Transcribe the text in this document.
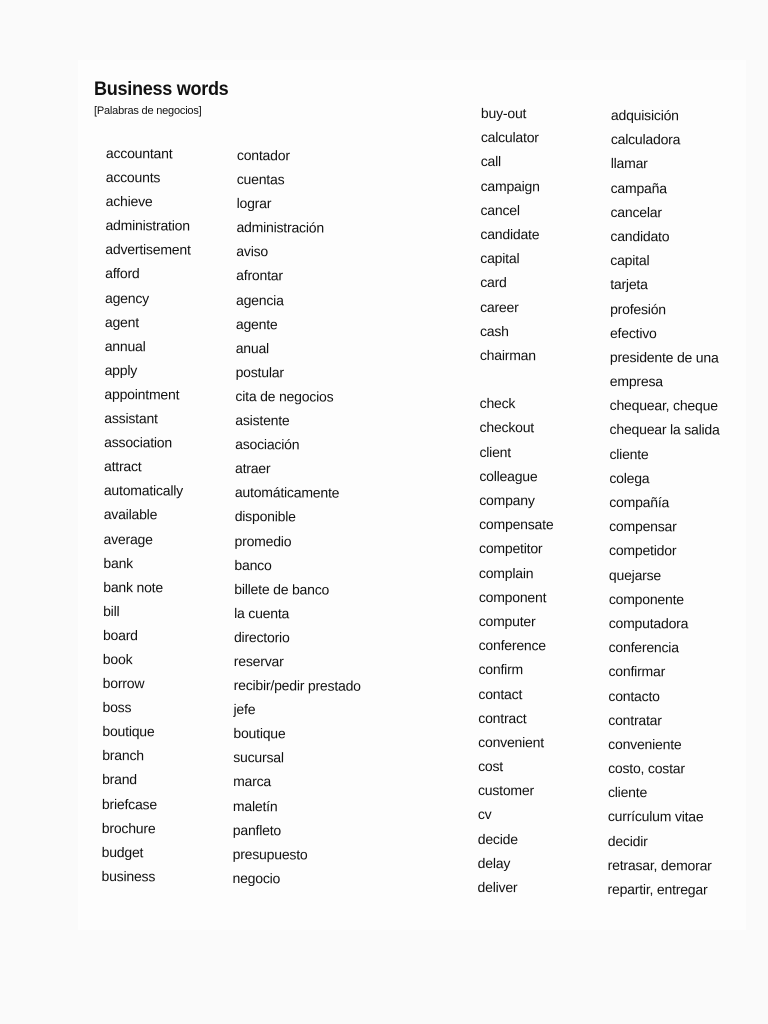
Business words
[Palabras de negocios]
accountant
accounts
achieve
administration
advertisement
afford
agency
agent
annual
apply
appointment
assistant
association
attract
automatically
available
average
bank
bank note
bill
board
book
borrow
boss
boutique
branch
brand
briefcase
brochure
budget
business
contador
cuentas
lograr
administración
aviso
afrontar
agencia
agente
anual
postular
cita de negocios
asistente
asociación
atraer
automáticamente
disponible
promedio
banco
billete de banco
la cuenta
directorio
reservar
recibir/pedir prestado
jefe
boutique
sucursal
marca
maletín
panfleto
presupuesto
negocio
buy-out
calculator
call
campaign
cancel
candidate
capital
card
career
cash
chairman
check
checkout
client
colleague
company
compensate
competitor
complain
component
computer
conference
confirm
contact
contract
convenient
cost
customer
cv
decide
delay
deliver
adquisición
calculadora
llamar
campaña
cancelar
candidato
capital
tarjeta
profesión
efectivo
presidente de una
empresa
chequear, cheque
chequear la salida
cliente
colega
compañía
compensar
competidor
quejarse
componente
computadora
conferencia
confirmar
contacto
contratar
conveniente
costo, costar
cliente
currículum vitae
decidir
retrasar, demorar
repartir, entregar
